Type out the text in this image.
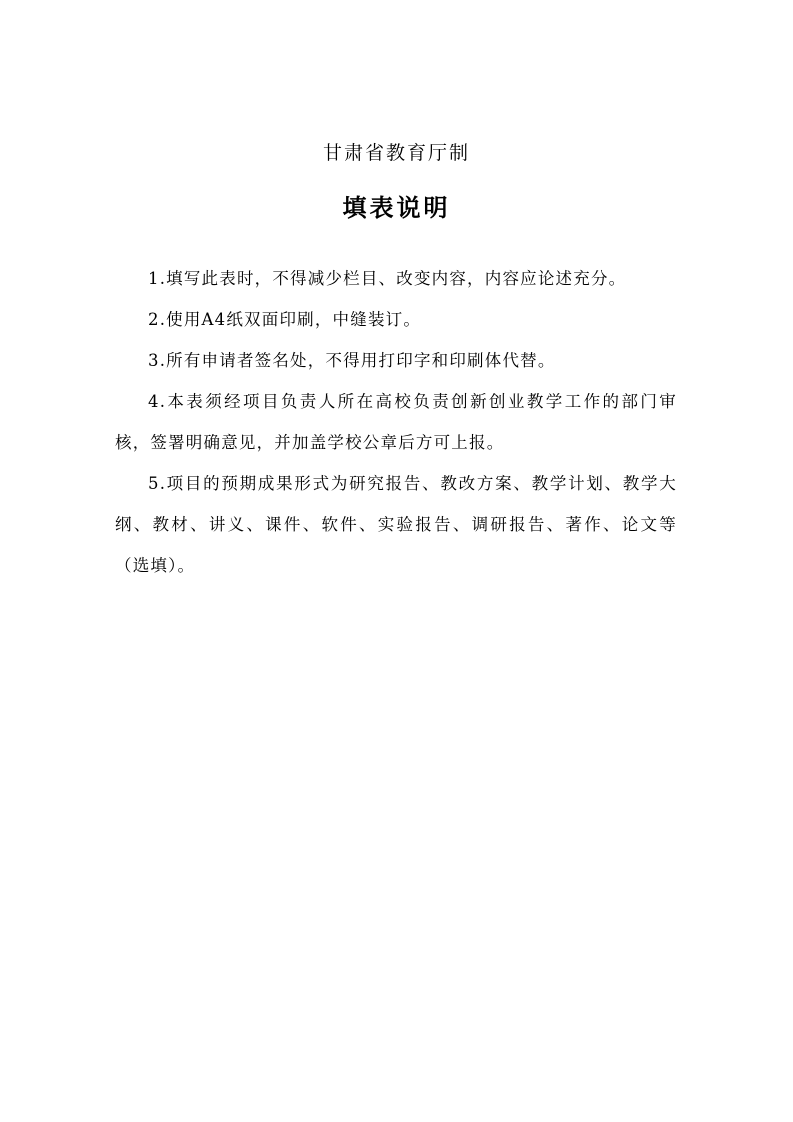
甘肃省教育厅制
填表说明

1.填写此表时，不得减少栏目、改变内容，内容应论述充分。

2.使用A4纸双面印刷，中缝装订。

3.所有申请者签名处，不得用打印字和印刷体代替。

4.本表须经项目负责人所在高校负责创新创业教学工作的部门审核，签署明确意见，并加盖学校公章后方可上报。

5.项目的预期成果形式为研究报告、教改方案、教学计划、教学大纲、教材、讲义、课件、软件、实验报告、调研报告、著作、论文等（选填）。
